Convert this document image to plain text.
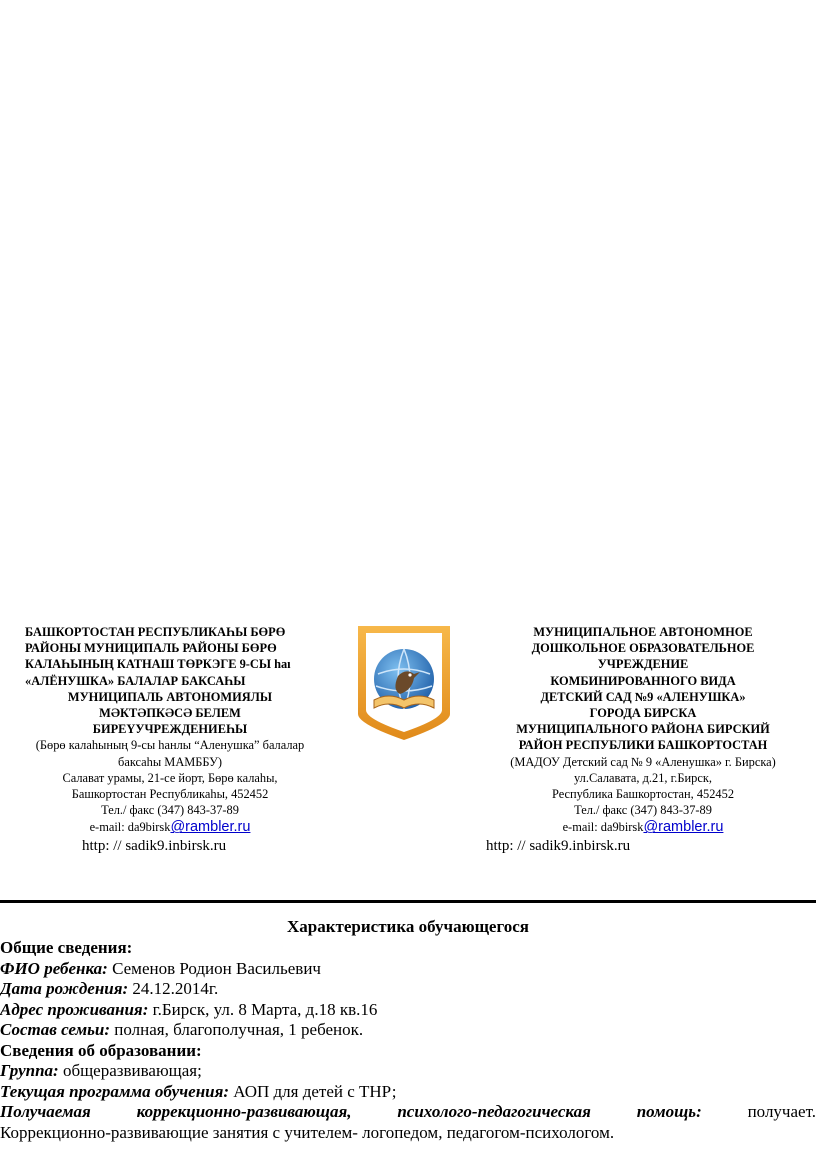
БАШКОРТОСТАН РЕСПУБЛИКАҺЫ БӨРӨ
РАЙОНЫ МУНИЦИПАЛЬ РАЙОНЫ БӨРӨ
КАЛАҺЫНЫҢ КАТНАШ ТӨРКЭГЕ 9-СЫ һаı
«АЛЁНУШКА» БАЛАЛАР БАКСАҺЫ
МУНИЦИПАЛЬ АВТОНОМИЯЛЫ
МӘКТӘПКӘСӘ БЕЛЕМ
БИРЕҮУЧРЕЖДЕНИЕҺЫ
(Бөрө калаһының 9-сы һанлы “Аленушка” балалар
баксаһы МАМББУ)
Салават урамы, 21-се йорт, Бөрө калаһы,
Башкортостан Республикаһы, 452452
Тел./ факс (347) 843-37-89
e-mail: da9birsk@rambler.ru
http: // sadik9.inbirsk.ru
МУНИЦИПАЛЬНОЕ АВТОНОМНОЕ
ДОШКОЛЬНОЕ ОБРАЗОВАТЕЛЬНОЕ
УЧРЕЖДЕНИЕ
КОМБИНИРОВАННОГО ВИДА
ДЕТСКИЙ САД №9 «АЛЕНУШКА»
ГОРОДА БИРСКА
МУНИЦИПАЛЬНОГО РАЙОНА БИРСКИЙ
РАЙОН РЕСПУБЛИКИ БАШКОРТОСТАН
(МАДОУ Детский сад № 9 «Аленушка» г. Бирска)
ул.Салавата, д.21, г.Бирск,
Республика Башкортостан, 452452
Тел./ факс (347) 843-37-89
e-mail: da9birsk@rambler.ru
http: // sadik9.inbirsk.ru
Характеристика обучающегося
Общие сведения:
ФИО ребенка: Семенов Родион Васильевич
Дата рождения: 24.12.2014г.
Адрес проживания: г.Бирск, ул. 8 Марта, д.18 кв.16
Состав семьи: полная, благополучная, 1 ребенок.
Сведения об образовании:
Группа: общеразвивающая;
Текущая программа обучения: АОП для детей с ТНР;
Получаемая	коррекционно-развивающая,	психолого-педагогическая	помощь:	получает.
Коррекционно-развивающие занятия с учителем- логопедом, педагогом-психологом.
